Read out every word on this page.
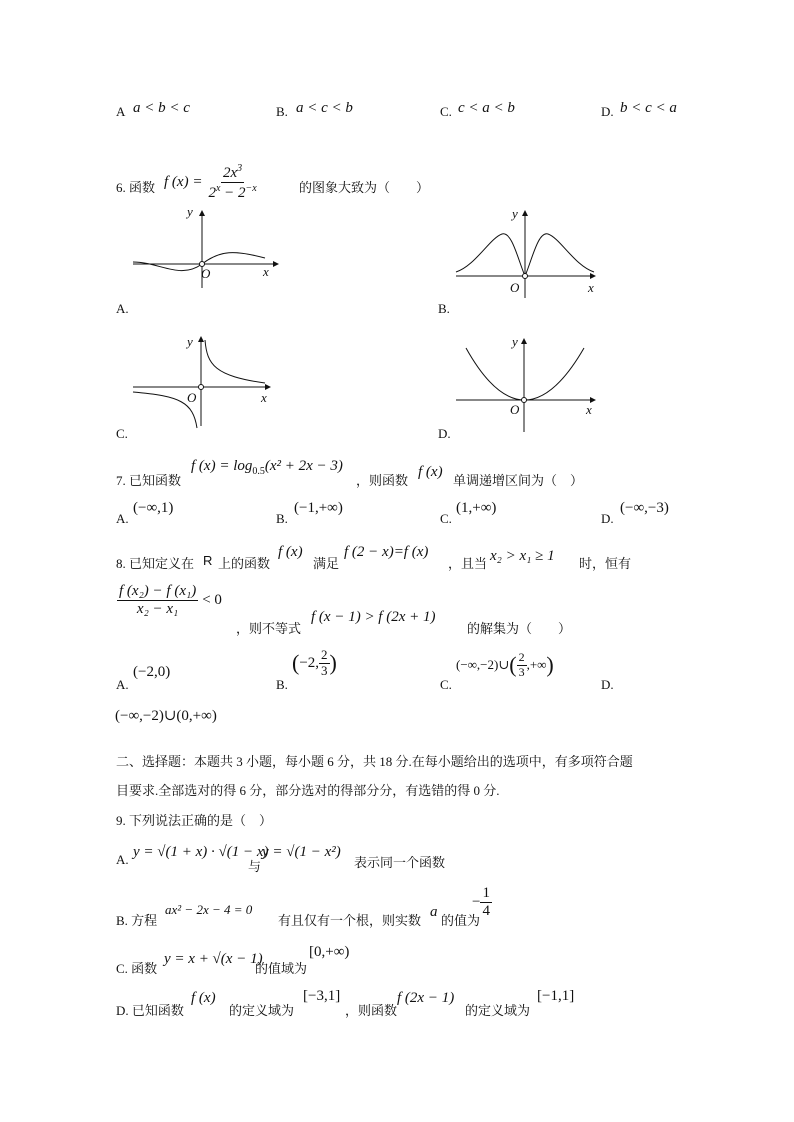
A a < b < c	B. a < c < b	C. c < a < b	D. b < c < a
6. 函数 f $(x) = \frac{2x^3}{2^x - 2^{-x}}$	的图象大致为（　　）
y
x
O
A.
y
x
O
B.
y
x
O
C.
y
x
O
D.
7. 已知函数
f $(x) = \log_{0.5}(x^2 + 2x - 3)$
，则函数
f (x)
单调递增区间为（　）
A.
(−∞,1)
B.
(−1,+∞)
C.
(1,+∞)
D.
(−∞,−3)
8. 已知定义在 R 上的函数
f (x)
满足
f (2 − x)=f (x)
，且当 x₂ > x₁ ≥ 1 时，恒有
$\frac{\text{f (x₂) − f (x₁)}}{\text{x₂ − x₁}} < 0$
，则不等式
f (x − 1) > f (2x + 1)
的解集为（　　）
A.
(−2,0)
B.
( −2, $\frac{2}{3}$ )
C.
(−∞,−2)∪ ( $\frac{2}{3}$ ,+∞ )
D.
(−∞,−2)∪(0,+∞)
二、选择题：本题共 3 小题，每小题 6 分，共 18 分.在每小题给出的选项中，有多项符合题
目要求.全部选对的得 6 分，部分选对的得部分分，有选错的得 0 分.
9. 下列说法正确的是（　）
A. y = √(1 + x) · √(1 − x)
与
y = √(1 − x²)
表示同一个函数
B. 方程
ax² − 2x − 4 = 0
有且仅有一个根，则实数
a
的值为
− $\frac{1}{4}$
C. 函数
y = x + √(x − 1)
的值域为
[0,+∞)
D. 已知函数
f (x)
的定义域为
[−3,1]
，则函数
f (2x − 1)
的定义域为
[−1,1]
